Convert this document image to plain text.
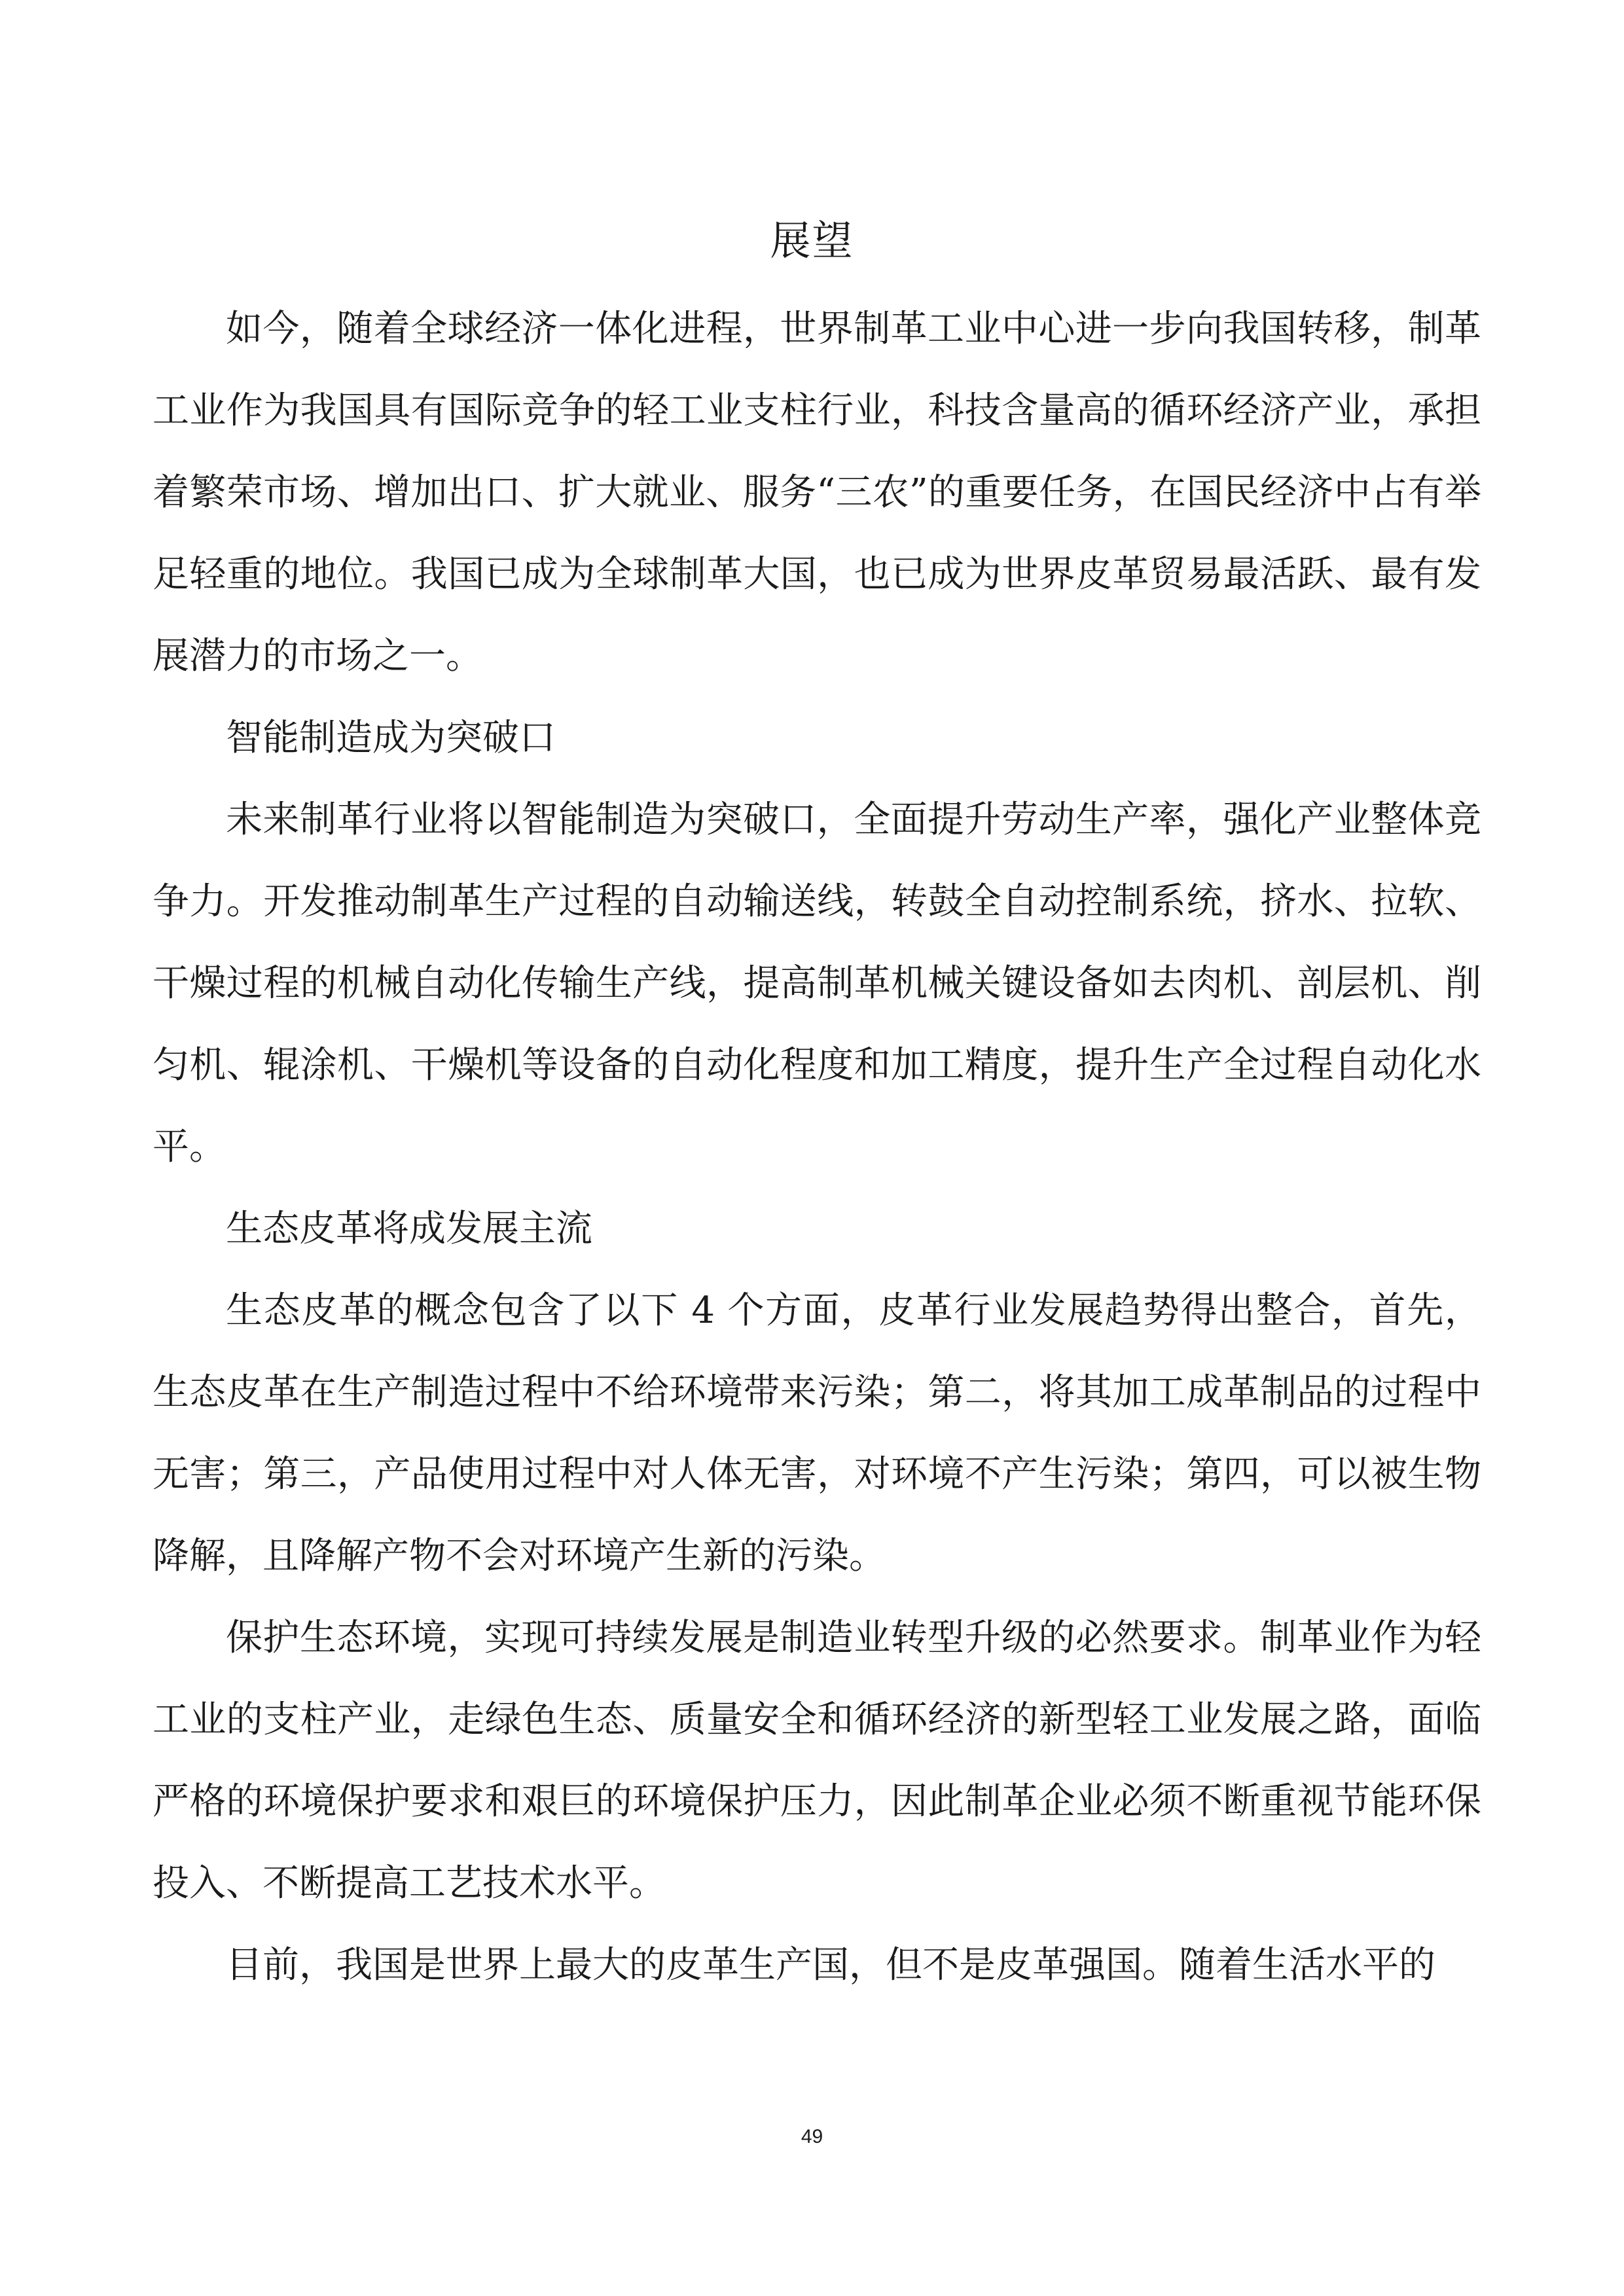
展望

如今，随着全球经济一体化进程，世界制革工业中心进一步向我国转移，制革工业作为我国具有国际竞争的轻工业支柱行业，科技含量高的循环经济产业，承担着繁荣市场、增加出口、扩大就业、服务“三农”的重要任务，在国民经济中占有举足轻重的地位。我国已成为全球制革大国，也已成为世界皮革贸易最活跃、最有发展潜力的市场之一。

智能制造成为突破口

未来制革行业将以智能制造为突破口，全面提升劳动生产率，强化产业整体竞争力。开发推动制革生产过程的自动输送线，转鼓全自动控制系统，挤水、拉软、干燥过程的机械自动化传输生产线，提高制革机械关键设备如去肉机、剖层机、削匀机、辊涂机、干燥机等设备的自动化程度和加工精度，提升生产全过程自动化水平。

生态皮革将成发展主流

生态皮革的概念包含了以下 4 个方面，皮革行业发展趋势得出整合，首先，生态皮革在生产制造过程中不给环境带来污染；第二，将其加工成革制品的过程中无害；第三，产品使用过程中对人体无害，对环境不产生污染；第四，可以被生物降解，且降解产物不会对环境产生新的污染。

保护生态环境，实现可持续发展是制造业转型升级的必然要求。制革业作为轻工业的支柱产业，走绿色生态、质量安全和循环经济的新型轻工业发展之路，面临严格的环境保护要求和艰巨的环境保护压力，因此制革企业必须不断重视节能环保投入、不断提高工艺技术水平。

目前，我国是世界上最大的皮革生产国，但不是皮革强国。随着生活水平的

49
